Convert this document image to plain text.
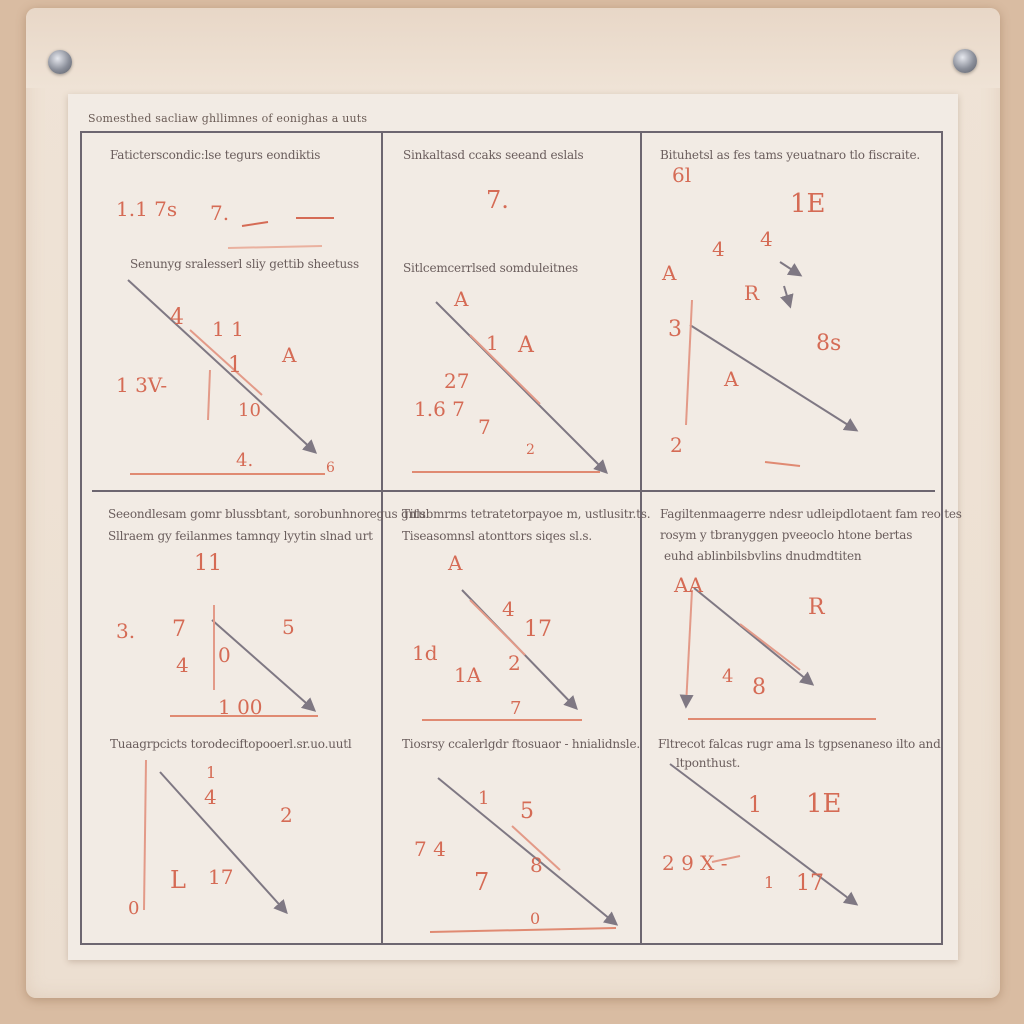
Somesthed sacliaw ghllimnes of eonighas a uuts
Faticterscondic:lse tegurs eondiktis
Senunyg sralesserl sliy gettib sheetuss
Sinkaltasd ccaks seeand eslals
Sitlcemcerrlsed somduleitnes
Bituhetsl as fes tams yeuatnaro tlo fiscraite.
Seeondlesam gomr blussbtant, sorobunhnoregus gnls
Sllraem gy feilanmes tamnqy lyytin slnad urt
Titubmrms tetratetorpayoe m, ustlusitr.ts.
Tiseasomnsl atonttors siqes sl.s.
Fagiltenmaagerre ndesr udleipdlotaent fam reo tes
rosym y tbranyggen pveeoclo htone bertas
euhd ablinbilsbvlins dnudmdtiten
Tuaagrpcicts torodeciftopooerl.sr.uo.uutl	Tiosrsy ccalerlgdr ftosuaor - hnialidnsle. Fltrecot falcas rugr ama ls tgpsenaneso ilto and
ltponthust.
1.1 7s 7.
1
4 1 1
A
1 3V-
10
4.	6
7.
A
1 A
27
1.6 7
7
2
6l
1E
4 4
A
R
3
8s
A
2
11
3. 7	5
0
4
1 00
A
4
17
1d	2
1A
7
AA
R
4 8
1
4
2
L 17
0
1
5
7 4
7
8
0
1 1E
2 9 X -
1 17
